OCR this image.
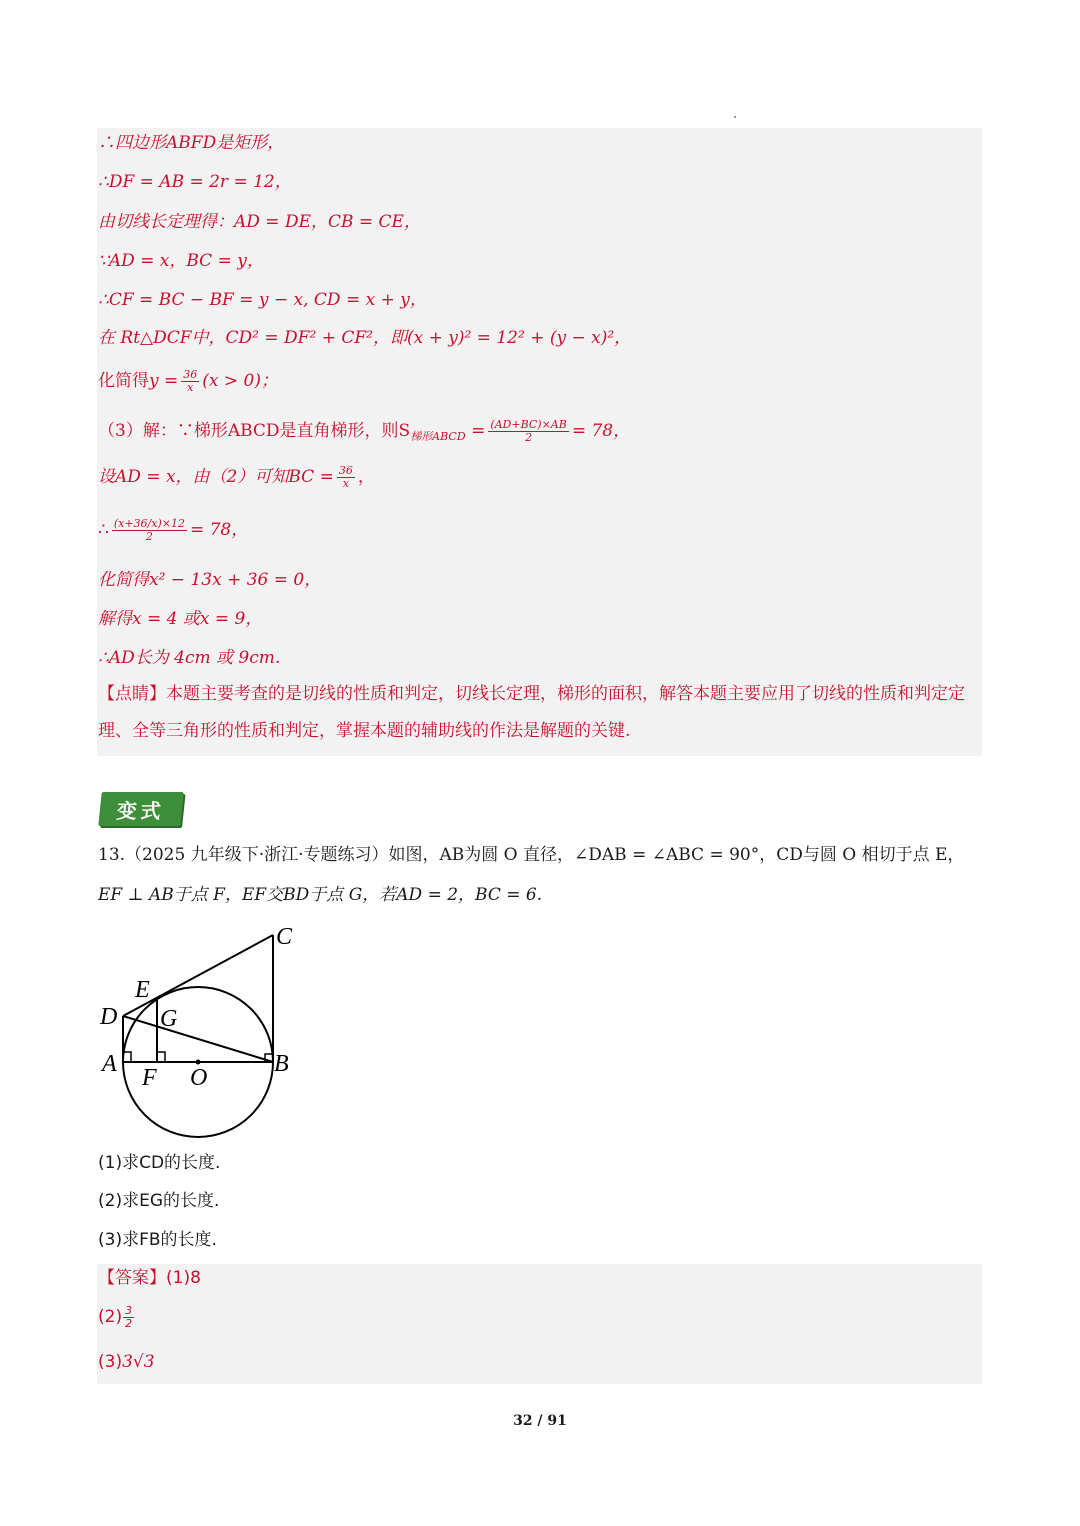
∴四边形ABFD是矩形，
∴DF = AB = 2r = 12，
由切线长定理得：AD = DE，CB = CE，
∵AD = x，BC = y，
∴CF = BC − BF = y − x, CD = x + y，
在 Rt△DCF中，CD² = DF² + CF²，即(x + y)² = 12² + (y − x)²，
化简得$y = \frac{36}{x} (x > 0)$；
（3）解：∵梯形ABCD是直角梯形，则$S_{梯形ABCD} = \frac{(AD+BC)\times AB}{2} = 78$，
设AD = x，由（2）可知BC = $\frac{36}{x}$ ，
∴ $\frac{(x+36/x)\times 12}{2} = 78$，
化简得x² − 13x + 36 = 0，
解得x = 4 或x = 9，
∴AD长为 4cm 或 9cm.
【点睛】本题主要考查的是切线的性质和判定，切线长定理，梯形的面积，解答本题主要应用了切线的性质和判定定理、全等三角形的性质和判定，掌握本题的辅助线的作法是解题的关键.
变式
13.（2025 九年级下·浙江·专题练习）如图，AB为圆 O 直径，∠DAB = ∠ABC = 90°，CD与圆 O 相切于点 E，
EF ⊥ AB于点 F，EF交BD于点 G，若AD = 2，BC = 6.
C
E
D G
A	B
F O
(1)求CD的长度.
(2)求EG的长度.
(3)求FB的长度.
【答案】(1)8
$(2) \frac{3}{2}$
(3)3√3
32 / 91
